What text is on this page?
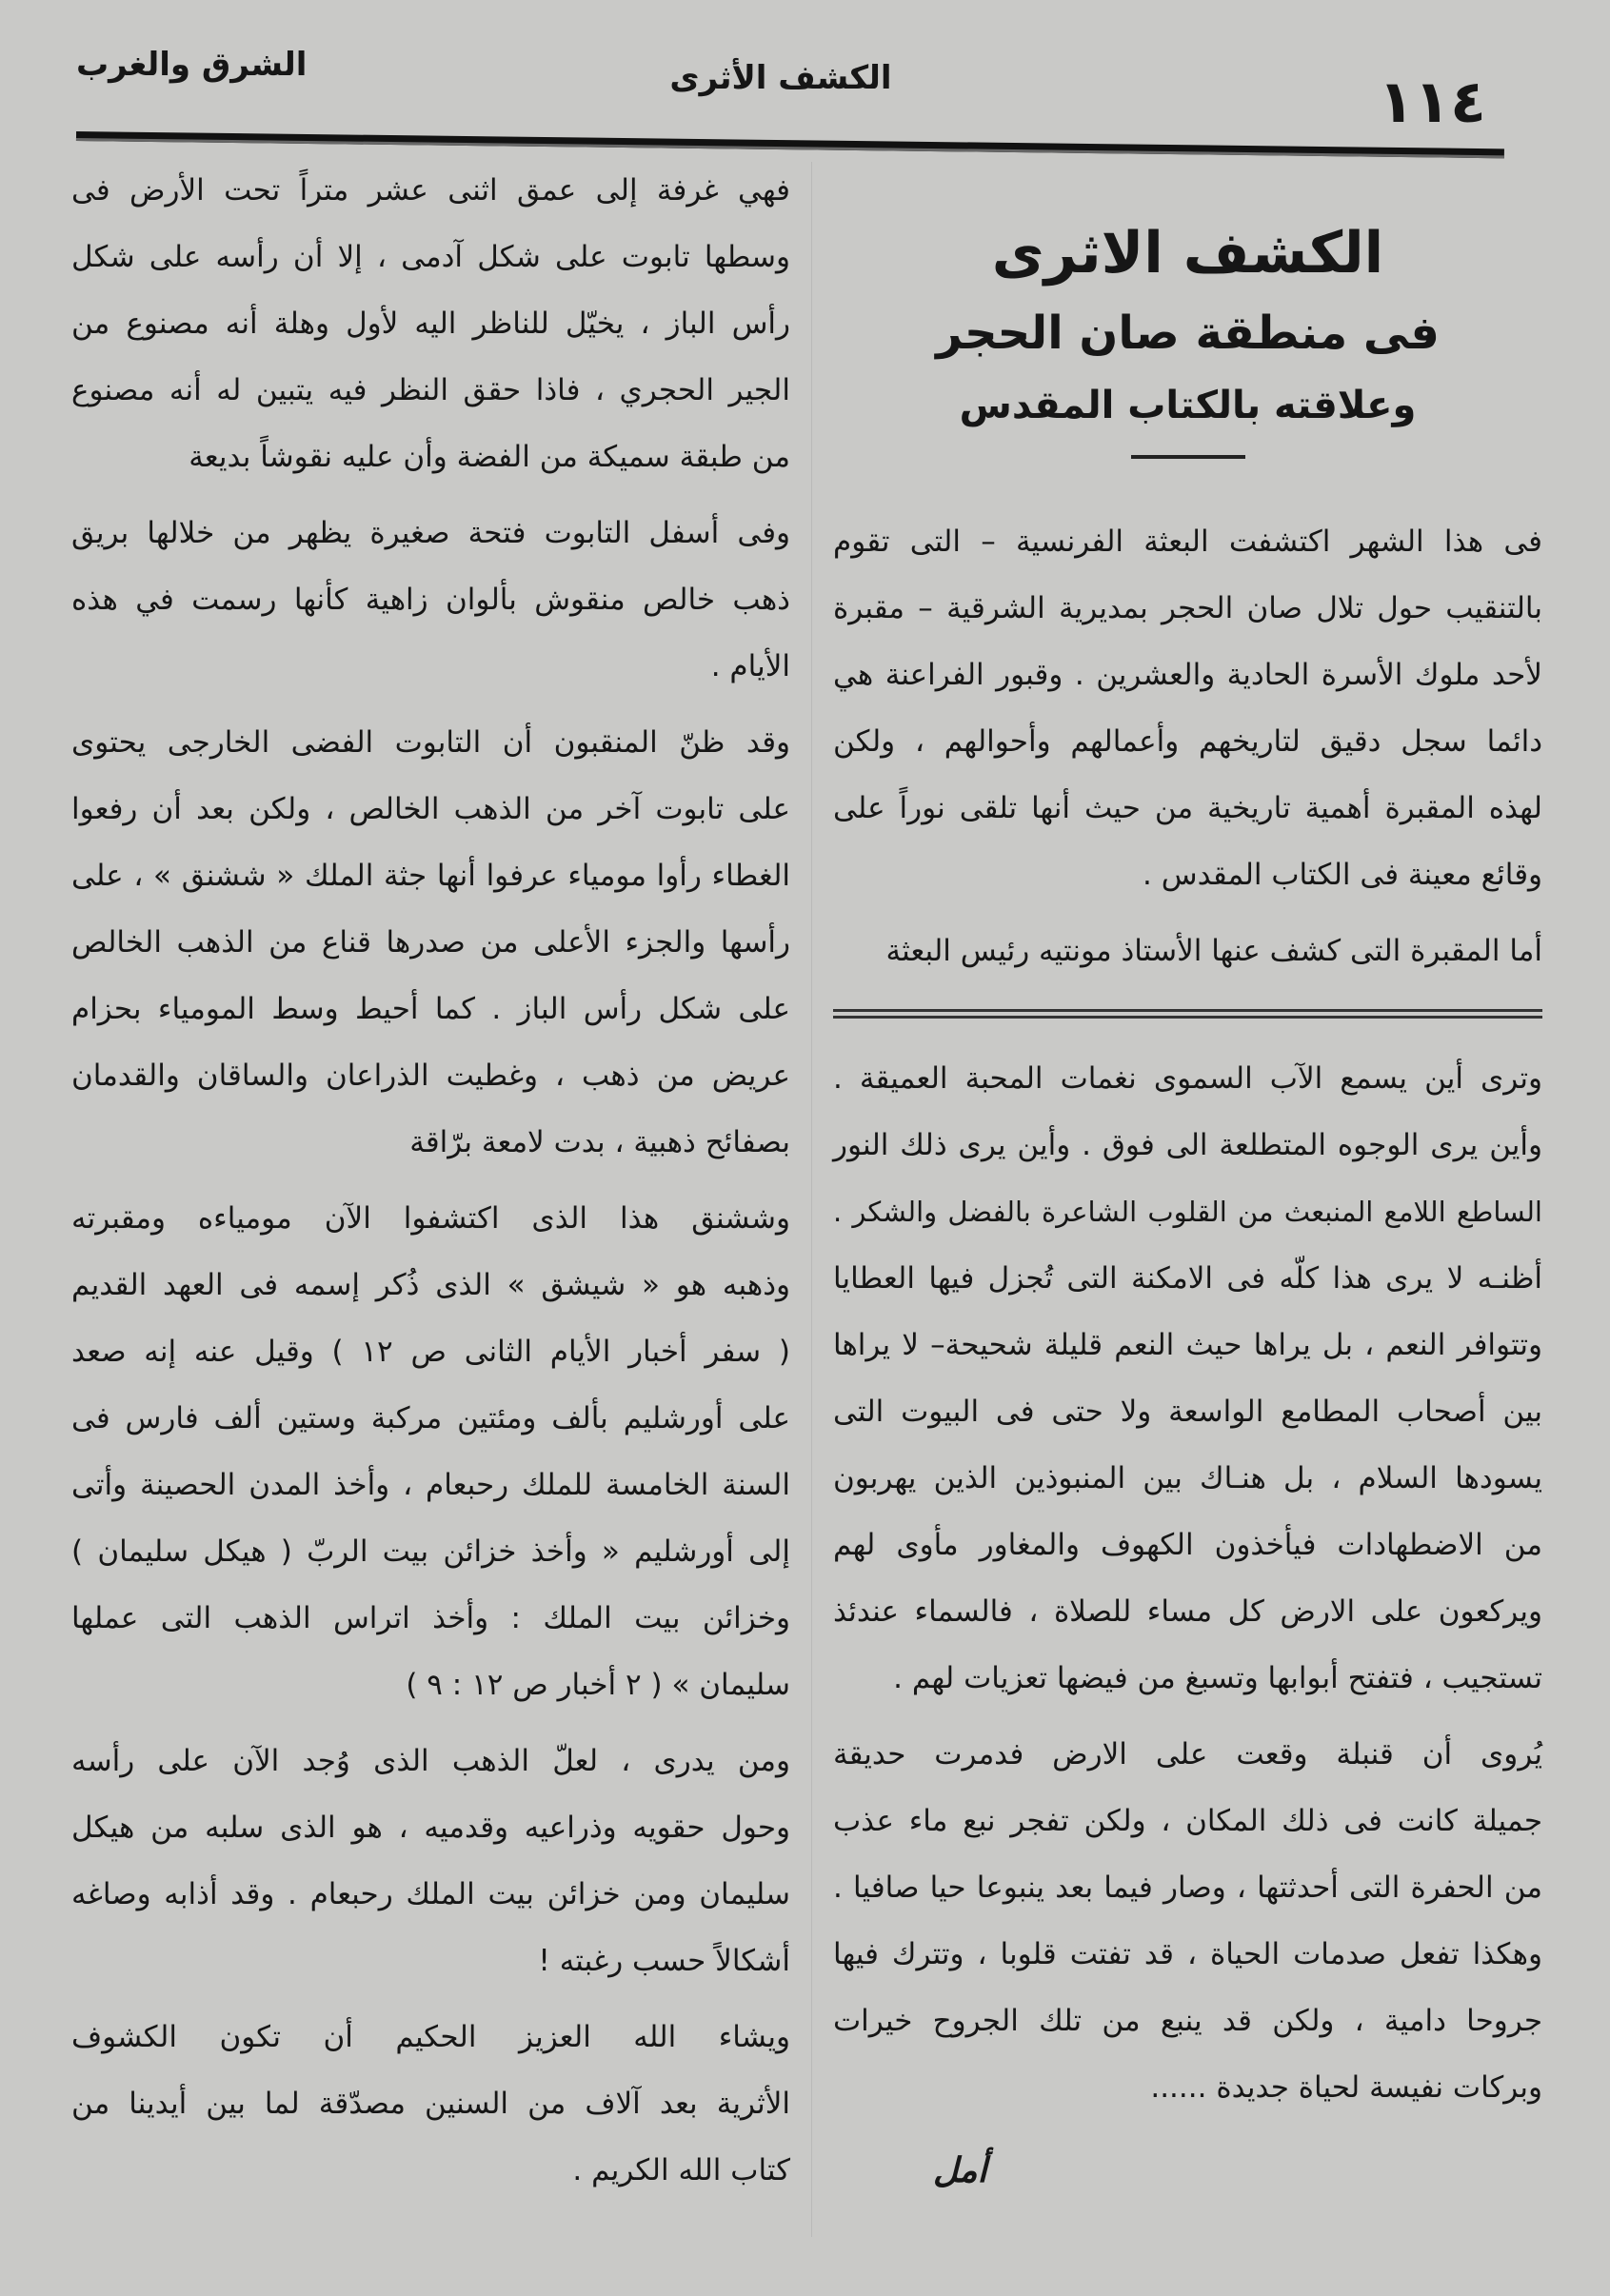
١١٤
الكشف الأثرى
الشرق والغرب
الكشف الاثرى
فى منطقة صان الحجر
وعلاقته بالكتاب المقدس
فى هذا الشهر اكتشفت البعثة الفرنسية – التى تقوم
بالتنقيب حول تلال صان الحجر بمديرية الشرقية – مقبرة
لأحد ملوك الأسرة الحادية والعشرين . وقبور الفراعنة هي
دائما سجل دقيق لتاريخهم وأعمالهم وأحوالهم ، ولكن
لهذه المقبرة أهمية تاريخية من حيث أنها تلقى نوراً على
وقائع معينة فى الكتاب المقدس .
أما المقبرة التى كشف عنها الأستاذ مونتيه رئيس البعثة
وترى أين يسمع الآب السموى نغمات المحبة العميقة .
وأين يرى الوجوه المتطلعة الى فوق . وأين يرى ذلك النور
الساطع اللامع المنبعث من القلوب الشاعرة بالفضل والشكر .
أظنـه لا يرى هذا كلّه فى الامكنة التى تُجزل فيها العطايا
وتتوافر النعم ، بل يراها حيث النعم قليلة شحيحة– لا يراها
بين أصحاب المطامع الواسعة ولا حتى فى البيوت التى
يسودها السلام ، بل هنـاك بين المنبوذين الذين يهربون
من الاضطهادات فيأخذون الكهوف والمغاور مأوى لهم
ويركعون على الارض كل مساء للصلاة ، فالسماء عندئذ
تستجيب ، فتفتح أبوابها وتسبغ من فيضها تعزيات لهم .
يُروى أن قنبلة وقعت على الارض فدمرت حديقة
جميلة كانت فى ذلك المكان ، ولكن تفجر نبع ماء عذب
من الحفرة التى أحدثتها ، وصار فيما بعد ينبوعا حيا صافيا .
وهكذا تفعل صدمات الحياة ، قد تفتت قلوبا ، وتترك فيها
جروحا دامية ، ولكن قد ينبع من تلك الجروح خيرات
وبركات نفيسة لحياة جديدة ......
فهي غرفة إلى عمق اثنى عشر متراً تحت الأرض فى
وسطها تابوت على شكل آدمى ، إلا أن رأسه على شكل
رأس الباز ، يخيّل للناظر اليه لأول وهلة أنه مصنوع من
الجير الحجري ، فاذا حقق النظر فيه يتبين له أنه مصنوع
من طبقة سميكة من الفضة وأن عليه نقوشاً بديعة
وفى أسفل التابوت فتحة صغيرة يظهر من خلالها بريق
ذهب خالص منقوش بألوان زاهية كأنها رسمت في هذه
الأيام .
وقد ظنّ المنقبون أن التابوت الفضى الخارجى يحتوى
على تابوت آخر من الذهب الخالص ، ولكن بعد أن رفعوا
الغطاء رأوا مومياء عرفوا أنها جثة الملك « ششنق » ، على
رأسها والجزء الأعلى من صدرها قناع من الذهب الخالص
على شكل رأس الباز . كما أحيط وسط المومياء بحزام
عريض من ذهب ، وغطيت الذراعان والساقان والقدمان
بصفائح ذهبية ، بدت لامعة برّاقة
وششنق هذا الذى اكتشفوا الآن مومياءه ومقبرته
وذهبه هو « شيشق » الذى ذُكر إسمه فى العهد القديم
( سفر أخبار الأيام الثانى ص ١٢ ) وقيل عنه إنه صعد
على أورشليم بألف ومئتين مركبة وستين ألف فارس فى
السنة الخامسة للملك رحبعام ، وأخذ المدن الحصينة وأتى
إلى أورشليم « وأخذ خزائن بيت الربّ ( هيكل سليمان )
وخزائن بيت الملك : وأخذ اتراس الذهب التى عملها
سليمان » ( ٢ أخبار ص ١٢ : ٩ )
ومن يدرى ، لعلّ الذهب الذى وُجد الآن على رأسه
وحول حقويه وذراعيه وقدميه ، هو الذى سلبه من هيكل
سليمان ومن خزائن بيت الملك رحبعام . وقد أذابه وصاغه
أشكالاً حسب رغبته !
ويشاء الله العزيز الحكيم أن تكون الكشوف
الأثرية بعد آلاف من السنين مصدّقة لما بين أيدينا من
كتاب الله الكريم .	أمل
